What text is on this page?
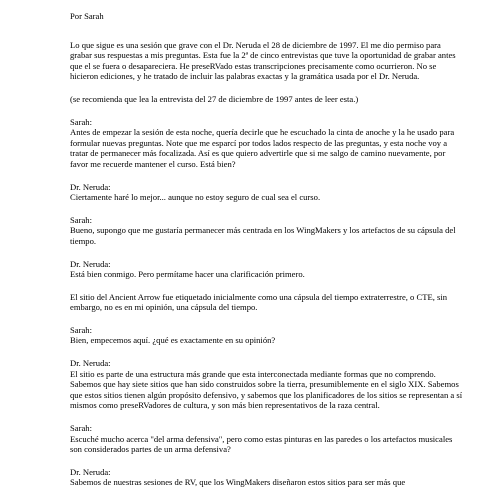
Por Sarah

Lo que sigue es una sesión que grave con el Dr. Neruda el 28 de diciembre de 1997. El me dio permiso para grabar sus respuestas a mis preguntas. Esta fue la 2ª de cinco entrevistas que tuve la oportunidad de grabar antes que el se fuera o desapareciera. He preseRVado estas transcripciones precisamente como ocurrieron. No se hicieron ediciones, y he tratado de incluir las palabras exactas y la gramática usada por el Dr. Neruda.

(se recomienda que lea la entrevista del 27 de diciembre de 1997 antes de leer esta.)

Sarah:
Antes de empezar la sesión de esta noche, quería decirle que he escuchado la cinta de anoche y la he usado para formular nuevas preguntas. Note que me esparcí por todos lados respecto de las preguntas, y esta noche voy a tratar de permanecer más focalizada. Así es que quiero advertirle que si me salgo de camino nuevamente, por favor me recuerde mantener el curso. Está bien?

Dr. Neruda:
Ciertamente haré lo mejor... aunque no estoy seguro de cual sea el curso.

Sarah:
Bueno, supongo que me gustaría permanecer más centrada en los WingMakers y los artefactos de su cápsula del tiempo.

Dr. Neruda:
Está bien conmigo. Pero permítame hacer una clarificación primero.

El sitio del Ancient Arrow fue etiquetado inicialmente como una cápsula del tiempo extraterrestre, o CTE, sin embargo, no es en mi opinión, una cápsula del tiempo.

Sarah:
Bien, empecemos aquí. ¿qué es exactamente en su opinión?

Dr. Neruda:
El sitio es parte de una estructura más grande que esta interconectada mediante formas que no comprendo. Sabemos que hay siete sitios que han sido construidos sobre la tierra, presumiblemente en el siglo XIX. Sabemos que estos sitios tienen algún propósito defensivo, y sabemos que los planificadores de los sitios se representan a sí mismos como preseRVadores de cultura, y son más bien representativos de la raza central.

Sarah:
Escuché mucho acerca "del arma defensiva", pero como estas pinturas en las paredes o los artefactos musicales son considerados partes de un arma defensiva?

Dr. Neruda:
Sabemos de nuestras sesiones de RV, que los WingMakers diseñaron estos sitios para ser más que
